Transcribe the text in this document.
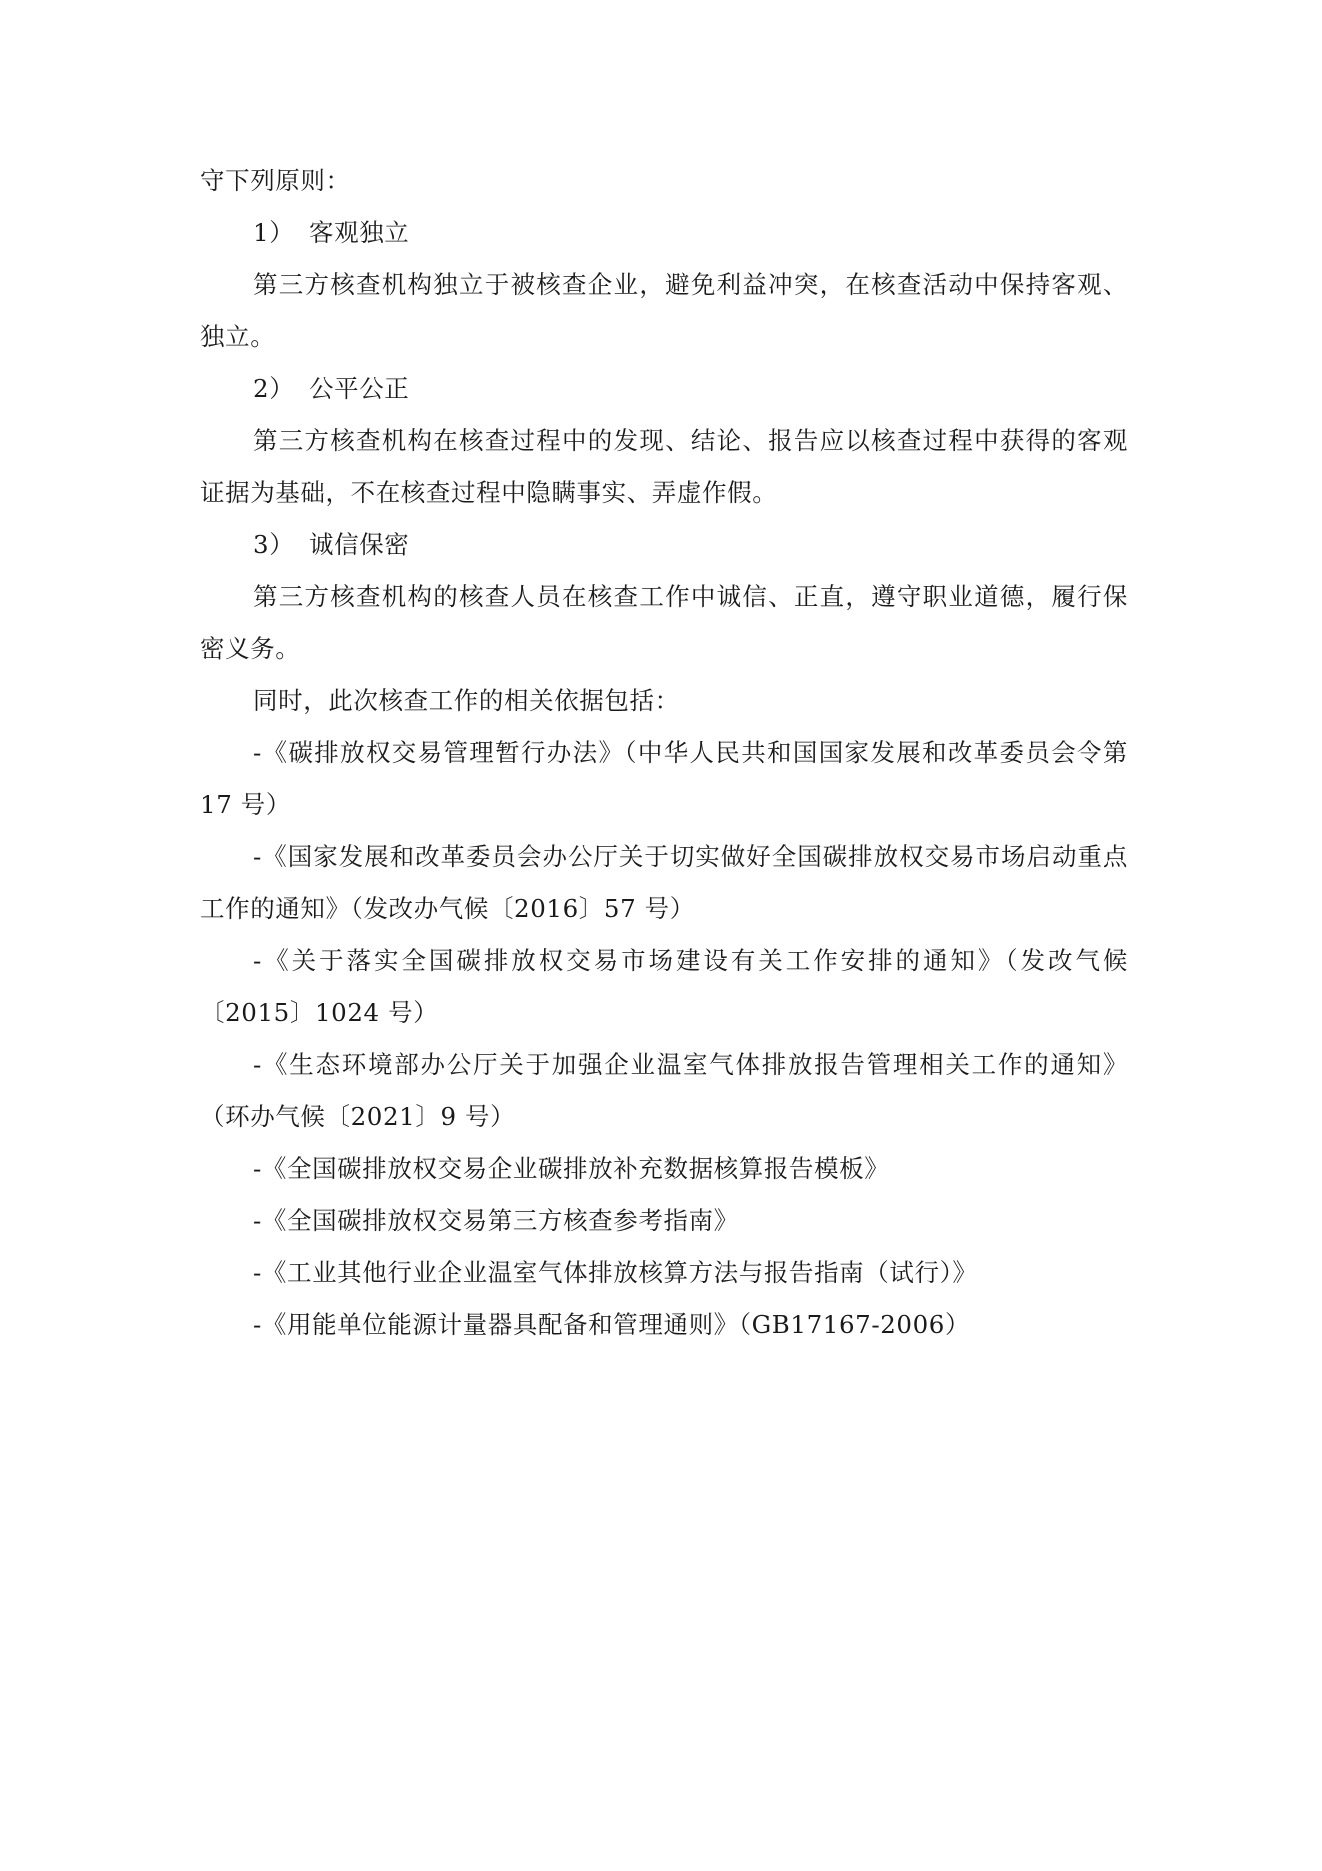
守下列原则：

1） 客观独立

第三方核查机构独立于被核查企业，避免利益冲突，在核查活动中保持客观、独立。

2） 公平公正

第三方核查机构在核查过程中的发现、结论、报告应以核查过程中获得的客观证据为基础，不在核查过程中隐瞒事实、弄虚作假。

3） 诚信保密

第三方核查机构的核查人员在核查工作中诚信、正直，遵守职业道德，履行保密义务。

同时，此次核查工作的相关依据包括：

-《碳排放权交易管理暂行办法》（中华人民共和国国家发展和改革委员会令第 17 号）

-《国家发展和改革委员会办公厅关于切实做好全国碳排放权交易市场启动重点工作的通知》（发改办气候〔2016〕57 号）

-《关于落实全国碳排放权交易市场建设有关工作安排的通知》（发改气候〔2015〕1024 号）

-《生态环境部办公厅关于加强企业温室气体排放报告管理相关工作的通知》（环办气候〔2021〕9 号）

-《全国碳排放权交易企业碳排放补充数据核算报告模板》

-《全国碳排放权交易第三方核查参考指南》

-《工业其他行业企业温室气体排放核算方法与报告指南（试行）》

-《用能单位能源计量器具配备和管理通则》（GB17167-2006）
